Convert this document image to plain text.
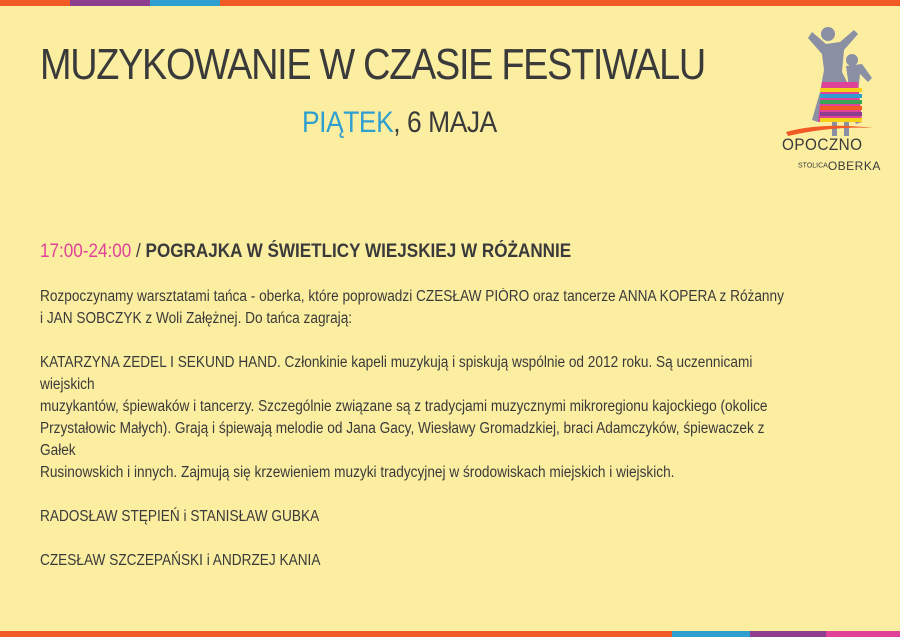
MUZYKOWANIE W CZASIE FESTIWALU
PIĄTEK, 6 MAJA
OPOCZNO
STOLICAOBERKA
17:00-24:00 / POGRAJKA W ŚWIETLICY WIEJSKIEJ W RÓŻANNIE

Rozpoczynamy warsztatami tańca - oberka, które poprowadzi CZESŁAW PIÓRO oraz tancerze ANNA KOPERA z Różanny
i JAN SOBCZYK z Woli Załężnej. Do tańca zagrają:

KATARZYNA ZEDEL I SEKUND HAND. Członkinie kapeli muzykują i spiskują wspólnie od 2012 roku. Są uczennicami wiejskich
muzykantów, śpiewaków i tancerzy. Szczególnie związane są z tradycjami muzycznymi mikroregionu kajockiego (okolice
Przystałowic Małych). Grają i śpiewają melodie od Jana Gacy, Wiesławy Gromadzkiej, braci Adamczyków, śpiewaczek z Gałek
Rusinowskich i innych. Zajmują się krzewieniem muzyki tradycyjnej w środowiskach miejskich i wiejskich.

RADOSŁAW STĘPIEŃ i STANISŁAW GUBKA

CZESŁAW SZCZEPAŃSKI i ANDRZEJ KANIA
